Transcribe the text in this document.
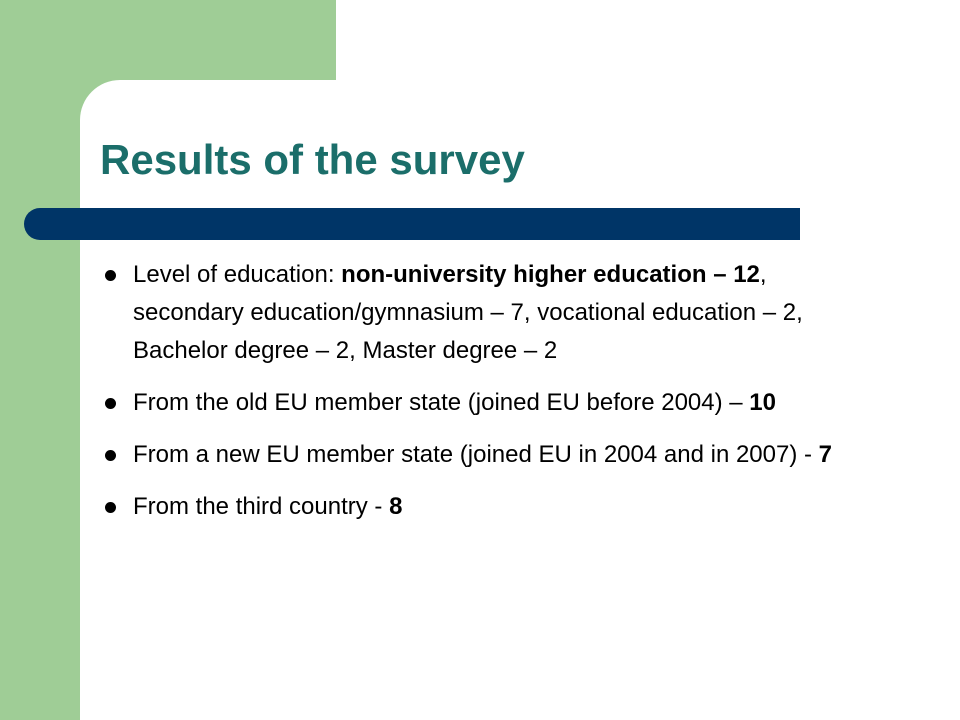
Results of the survey
Level of education: non-university higher education – 12, secondary education/gymnasium – 7, vocational education – 2, Bachelor degree – 2, Master degree – 2
From the old EU member state (joined EU before 2004) – 10
From a new EU member state (joined EU in 2004 and in 2007) - 7
From the third country - 8
